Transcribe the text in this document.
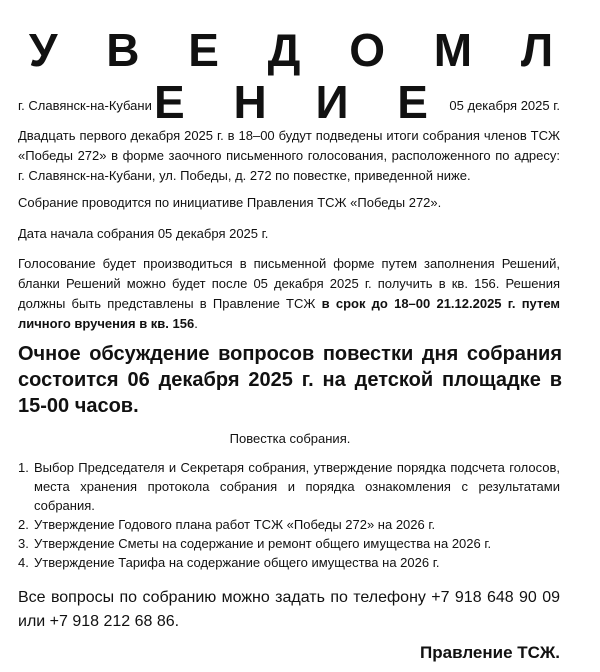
У В Е Д О М Л Е Н И Е
г. Славянск-на-Кубани	05 декабря 2025 г.
Двадцать первого декабря 2025 г. в 18–00 будут подведены итоги собрания членов ТСЖ «Победы 272» в форме заочного письменного голосования, расположенного по адресу: г. Славянск-на-Кубани, ул. Победы, д. 272 по повестке, приведенной ниже.
Собрание проводится по инициативе Правления ТСЖ «Победы 272».
Дата начала собрания 05 декабря 2025 г.
Голосование будет производиться в письменной форме путем заполнения Решений, бланки Решений можно будет после 05 декабря 2025 г. получить в кв. 156. Решения должны быть представлены в Правление ТСЖ в срок до 18–00 21.12.2025 г. путем личного вручения в кв. 156.
Очное обсуждение вопросов повестки дня собрания состоится 06 декабря 2025 г. на детской площадке в 15-00 часов.
Повестка собрания.
1. Выбор Председателя и Секретаря собрания, утверждение порядка подсчета голосов, места хранения протокола собрания и порядка ознакомления с результатами собрания.
2. Утверждение Годового плана работ ТСЖ «Победы 272» на 2026 г.
3. Утверждение Сметы на содержание и ремонт общего имущества на 2026 г.
4. Утверждение Тарифа на содержание общего имущества на 2026 г.
Все вопросы по собранию можно задать по телефону +7 918 648 90 09 или +7 918 212 68 86.
Правление ТСЖ.
